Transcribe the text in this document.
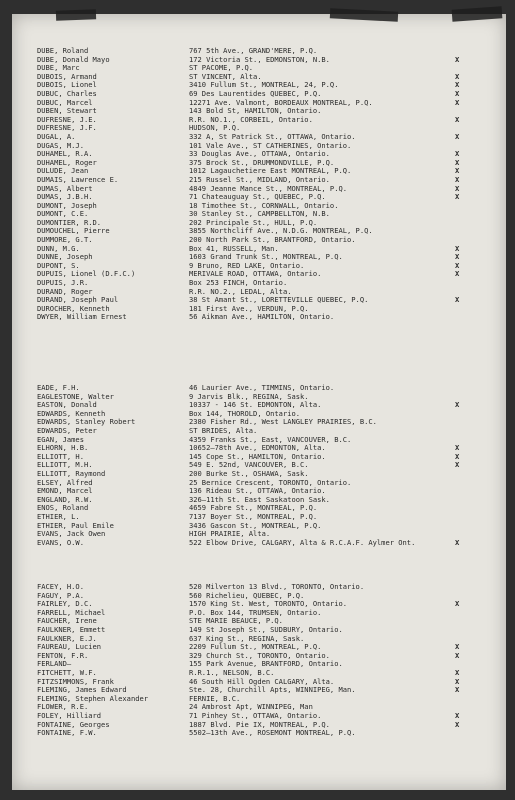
DUBE, Roland	767 5th Ave., GRAND'MERE, P.Q.
DUBE, Donald Mayo	172 Victoria St., EDMONSTON, N.B.	X
DUBE, Marc	ST PACOME, P.Q.
DUBOIS, Armand	ST VINCENT, Alta.	X
DUBOIS, Lionel	3410 Fullum St., MONTREAL, 24, P.Q.	X
DUBUC, Charles	69 Des Laurentides QUEBEC, P.Q.	X
DUBUC, Marcel	12271 Ave. Valmont, BORDEAUX MONTREAL, P.Q.	X
DUBEN, Stewart	143 Bold St, HAMILTON, Ontario.
DUFRESNE, J.E.	R.R. NO.1., CORBEIL, Ontario.	X
DUFRESNE, J.F.	HUDSON, P.Q.
DUGAL, A.	332 A, St Patrick St., OTTAWA, Ontario.	X
DUGAS, M.J.	101 Vale Ave., ST CATHERINES, Ontario.
DUHAMEL, R.A.	33 Douglas Ave., OTTAWA, Ontario.	X
DUHAMEL, Roger	375 Brock St., DRUMMONDVILLE, P.Q.	X
DULUDE, Jean	1012 Lagauchetiere East MONTREAL, P.Q.	X
DUMAIS, Lawrence E.	215 Russel St., MIDLAND, Ontario.	X
DUMAS, Albert	4849 Jeanne Mance St., MONTREAL, P.Q.	X
DUMAS, J.B.H.	71 Chateauguay St., QUEBEC, P.Q.	X
DUMONT, Joseph	18 Timothee St., CORNWALL, Ontario.
DUMONT, C.E.	30 Stanley St., CAMPBELLTON, N.B.
DUMONTIER, R.D.	202 Principale St., HULL, P.Q.
DUMOUCHEL, Pierre	3855 Northcliff Ave., N.D.G. MONTREAL, P.Q.
DUMMORE, G.T.	200 North Park St., BRANTFORD, Ontario.
DUNN, M.G.	Box 41, RUSSELL, Man.	X
DUNNE, Joseph	1603 Grand Trunk St., MONTREAL, P.Q.	X
DUPONT, S.	9 Bruno, RED LAKE, Ontario.	X
DUPUIS, Lionel (D.F.C.)	MERIVALE ROAD, OTTAWA, Ontario.	X
DUPUIS, J.R.	Box 253 FINCH, Ontario.
DURAND, Roger	R.R. NO.2., LEDAL, Alta.
DURAND, Joseph Paul	38 St Amant St., LORETTEVILLE QUEBEC, P.Q.	X
DUROCHER, Kenneth	181 First Ave., VERDUN, P.Q.
DWYER, William Ernest	56 Aikman Ave., HAMILTON, Ontario.
EADE, F.H.	46 Laurier Ave., TIMMINS, Ontario.
EAGLESTONE, Walter	9 Jarvis Blk., REGINA, Sask.
EASTON, Donald	10337 - 146 St. EDMONTON, Alta.	X
EDWARDS, Kenneth	Box 144, THOROLD, Ontario.
EDWARDS, Stanley Robert	2380 Fisher Rd., West LANGLEY PRAIRIES, B.C.
EDWARDS, Peter	ST BRIDES, Alta.
EGAN, James	4359 Franks St., East, VANCOUVER, B.C.
ELHORN, H.B.	10652—78th Ave., EDMONTON, Alta.	X
ELLIOTT, H.	145 Cope St., HAMILTON, Ontario.	X
ELLIOTT, M.H.	549 E. 52nd, VANCOUVER, B.C.	X
ELLIOTT, Raymond	200 Burke St., OSHAWA, Sask.
ELSEY, Alfred	25 Bernice Crescent, TORONTO, Ontario.
EMOND, Marcel	136 Rideau St., OTTAWA, Ontario.
ENGLAND, R.W.	326—11th St. East Saskatoon Sask.
ENOS, Roland	4659 Fabre St., MONTREAL, P.Q.
ETHIER, L.	7137 Boyer St., MONTREAL, P.Q.
ETHIER, Paul Emile	3436 Gascon St., MONTREAL, P.Q.
EVANS, Jack Owen	HIGH PRAIRIE, Alta.
EVANS, O.W.	522 Elbow Drive, CALGARY, Alta & R.C.A.F. Aylmer Ont.	X
FACEY, H.O.	520 Milverton 13 Blvd., TORONTO, Ontario.
FAGUY, P.A.	560 Richelieu, QUEBEC, P.Q.
FAIRLEY, D.C.	1570 King St. West, TORONTO, Ontario.	X
FARRELL, Michael	P.O. Box 144, TRUMSEN, Ontario.
FAUCHER, Irene	STE MARIE BEAUCE, P.Q.
FAULKNER, Emmett	149 St Joseph St., SUDBURY, Ontario.
FAULKNER, E.J.	637 King St., REGINA, Sask.
FAUREAU, Lucien	2209 Fullum St., MONTREAL, P.Q.	X
FENTON, F.R.	329 Church St., TORONTO, Ontario.	X
FERLAND—	155 Park Avenue, BRANTFORD, Ontario.
FITCHETT, W.F.	R.R.1., NELSON, B.C.	X
FITZSIMMONS, Frank	46 South Hill Ogden CALGARY, Alta.	X
FLEMING, James Edward	Ste. 28, Churchill Apts, WINNIPEG, Man.	X
FLEMING, Stephen Alexander	FERNIE, B.C.
FLOWER, R.E.	24 Ambrost Apt, WINNIPEG, Man
FOLEY, Hilliard	71 Pinhey St., OTTAWA, Ontario.	X
FONTAINE, Georges	1887 Blvd. Pie IX, MONTREAL, P.Q.	X
FONTAINE, F.W.	5502—13th Ave., ROSEMONT MONTREAL, P.Q.
